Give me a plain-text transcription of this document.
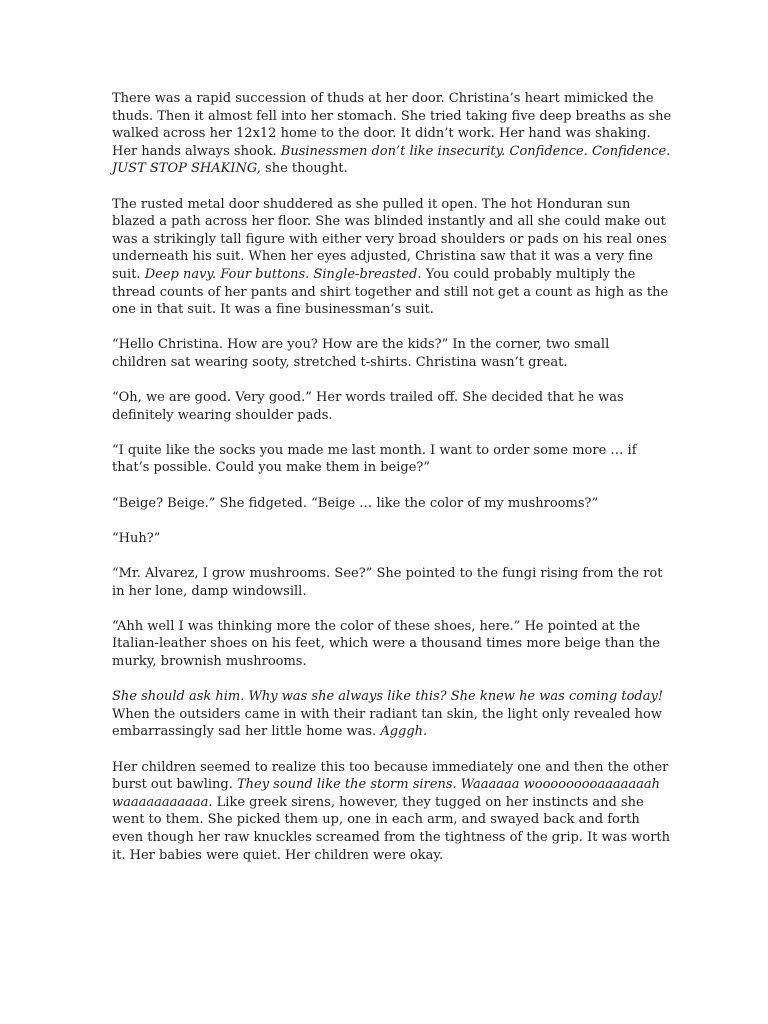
There was a rapid succession of thuds at her door. Christina’s heart mimicked the
thuds. Then it almost fell into her stomach. She tried taking five deep breaths as she
walked across her 12x12 home to the door. It didn’t work. Her hand was shaking.
Her hands always shook. Businessmen don’t like insecurity. Confidence. Confidence.
JUST STOP SHAKING, she thought.

The rusted metal door shuddered as she pulled it open. The hot Honduran sun
blazed a path across her floor. She was blinded instantly and all she could make out
was a strikingly tall figure with either very broad shoulders or pads on his real ones
underneath his suit. When her eyes adjusted, Christina saw that it was a very fine
suit. Deep navy. Four buttons. Single-breasted. You could probably multiply the
thread counts of her pants and shirt together and still not get a count as high as the
one in that suit. It was a fine businessman’s suit.

“Hello Christina. How are you? How are the kids?” In the corner, two small
children sat wearing sooty, stretched t-shirts. Christina wasn’t great.

“Oh, we are good. Very good.” Her words trailed off. She decided that he was
definitely wearing shoulder pads.

“I quite like the socks you made me last month. I want to order some more … if
that’s possible. Could you make them in beige?”

“Beige? Beige.” She fidgeted. “Beige … like the color of my mushrooms?”

“Huh?”

“Mr. Alvarez, I grow mushrooms. See?” She pointed to the fungi rising from the rot
in her lone, damp windowsill.

“Ahh well I was thinking more the color of these shoes, here.” He pointed at the
Italian-leather shoes on his feet, which were a thousand times more beige than the
murky, brownish mushrooms.

She should ask him. Why was she always like this? She knew he was coming today!
When the outsiders came in with their radiant tan skin, the light only revealed how
embarrassingly sad her little home was. Agggh.

Her children seemed to realize this too because immediately one and then the other
burst out bawling. They sound like the storm sirens. Waaaaaa wooooooooaaaaaaah
waaaaaaaaaaa. Like greek sirens, however, they tugged on her instincts and she
went to them. She picked them up, one in each arm, and swayed back and forth
even though her raw knuckles screamed from the tightness of the grip. It was worth
it. Her babies were quiet. Her children were okay.
